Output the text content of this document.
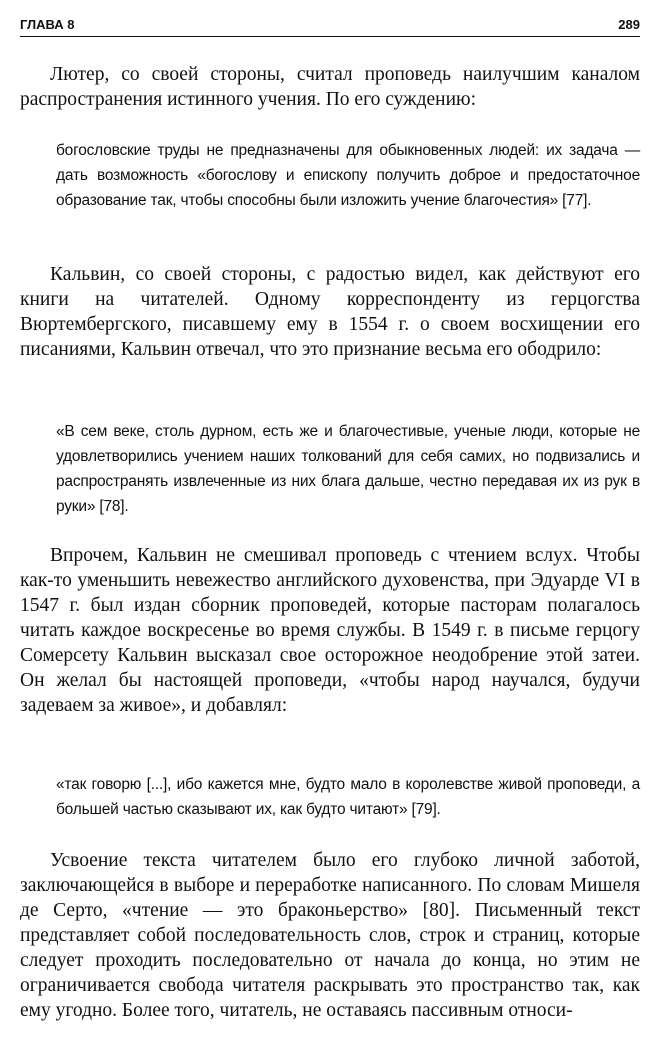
ГЛАВА 8	289

Лютер, со своей стороны, считал проповедь наилучшим каналом распространения истинного учения. По его суждению:

богословские труды не предназначены для обыкновенных людей: их задача — дать возможность «богослову и епископу получить доброе и предостаточное образование так, чтобы способны были изложить учение благочестия» [77].

Кальвин, со своей стороны, с радостью видел, как действуют его книги на читателей. Одному корреспонденту из герцогства Вюртембергского, писавшему ему в 1554 г. о своем восхищении его писаниями, Кальвин отвечал, что это признание весьма его ободрило:

«В сем веке, столь дурном, есть же и благочестивые, ученые люди, которые не удовлетворились учением наших толкований для себя самих, но подвизались и распространять извлеченные из них блага дальше, честно передавая их из рук в руки» [78].

Впрочем, Кальвин не смешивал проповедь с чтением вслух. Чтобы как-то уменьшить невежество английского духовенства, при Эдуарде VI в 1547 г. был издан сборник проповедей, которые пасторам полагалось читать каждое воскресенье во время службы. В 1549 г. в письме герцогу Сомерсету Кальвин высказал свое осторожное неодобрение этой затеи. Он желал бы настоящей проповеди, «чтобы народ научался, будучи задеваем за живое», и добавлял:

«так говорю [...], ибо кажется мне, будто мало в королевстве живой проповеди, а большей частью сказывают их, как будто читают» [79].

Усвоение текста читателем было его глубоко личной заботой, заключающейся в выборе и переработке написанного. По словам Мишеля де Серто, «чтение — это браконьерство» [80]. Письменный текст представляет собой последовательность слов, строк и страниц, которые следует проходить последовательно от начала до конца, но этим не ограничивается свобода читателя раскрывать это пространство так, как ему угодно. Более того, читатель, не оставаясь пассивным относи-
